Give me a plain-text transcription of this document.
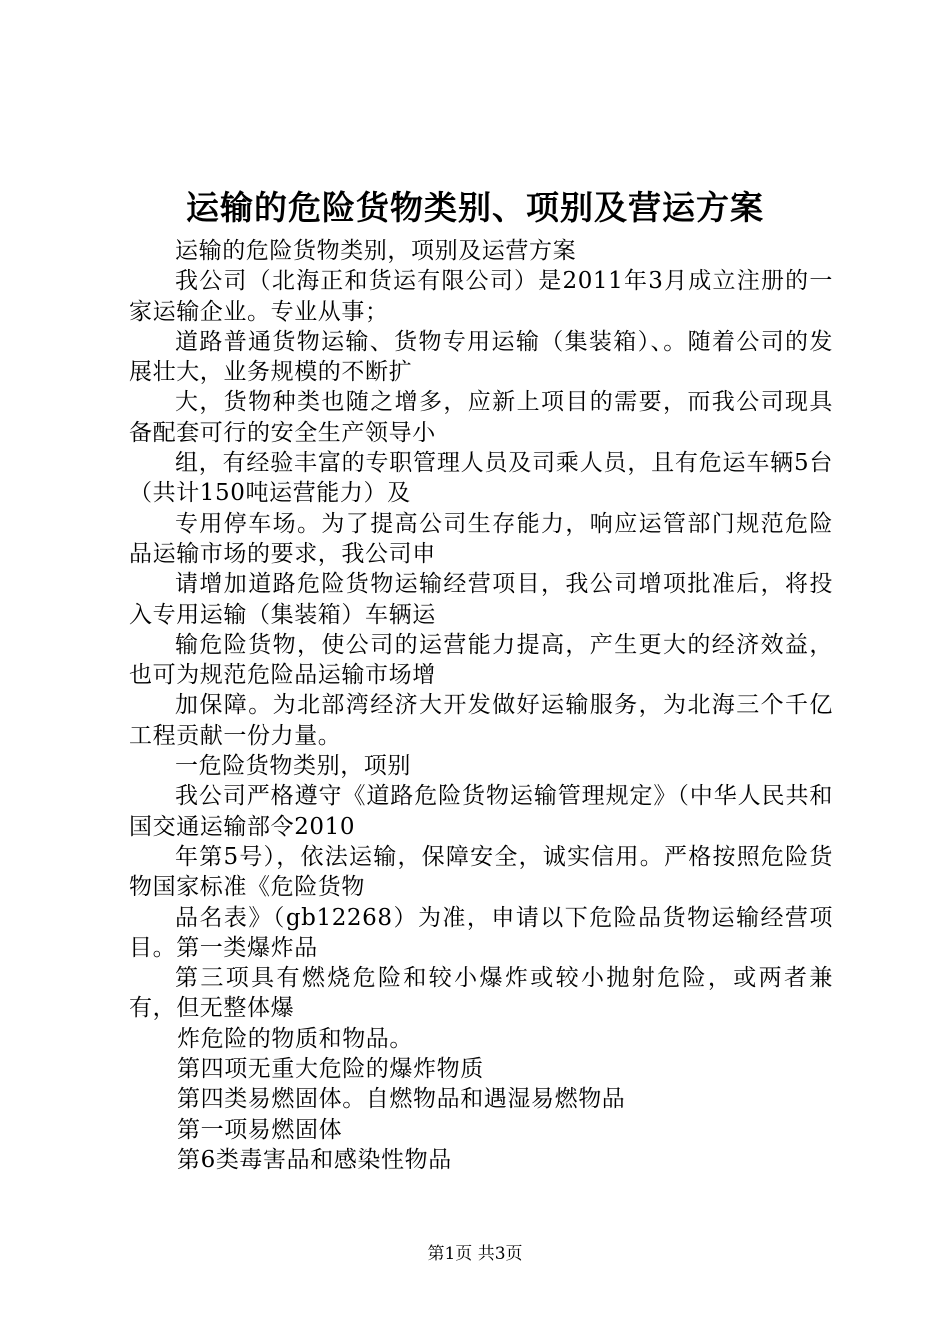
运输的危险货物类别、项别及营运方案

运输的危险货物类别，项别及运营方案

我公司（北海正和货运有限公司）是2011年3月成立注册的一家运输企业。专业从事；

道路普通货物运输、货物专用运输（集装箱）、。随着公司的发展壮大，业务规模的不断扩

大，货物种类也随之增多，应新上项目的需要，而我公司现具备配套可行的安全生产领导小

组，有经验丰富的专职管理人员及司乘人员，且有危运车辆5台（共计150吨运营能力）及

专用停车场。为了提高公司生存能力，响应运管部门规范危险品运输市场的要求，我公司申

请增加道路危险货物运输经营项目，我公司增项批准后，将投入专用运输（集装箱）车辆运

输危险货物，使公司的运营能力提高，产生更大的经济效益，也可为规范危险品运输市场增

加保障。为北部湾经济大开发做好运输服务，为北海三个千亿工程贡献一份力量。

一危险货物类别，项别

我公司严格遵守《道路危险货物运输管理规定》（中华人民共和国交通运输部令2010

年第5号），依法运输，保障安全，诚实信用。严格按照危险货物国家标准《危险货物

品名表》（gb12268）为准，申请以下危险品货物运输经营项目。第一类爆炸品

第三项具有燃烧危险和较小爆炸或较小抛射危险，或两者兼有，但无整体爆

炸危险的物质和物品。

第四项无重大危险的爆炸物质

第四类易燃固体。自燃物品和遇湿易燃物品

第一项易燃固体

第6类毒害品和感染性物品

第1页 共3页
